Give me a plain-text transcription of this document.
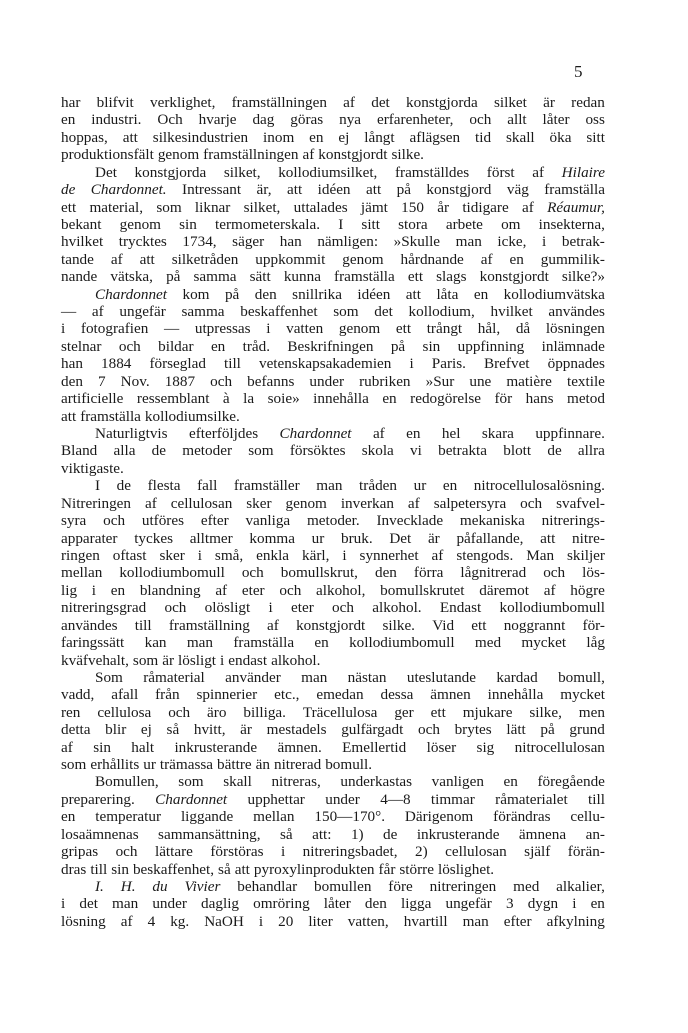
5
har blifvit verklighet, framställningen af det konstgjorda silket är redan
en industri. Och hvarje dag göras nya erfarenheter, och allt låter oss
hoppas, att silkesindustrien inom en ej långt aflägsen tid skall öka sitt
produktionsfält genom framställningen af konstgjordt silke.
Det konstgjorda silket, kollodiumsilket, framställdes först af Hilaire
de Chardonnet. Intressant är, att idéen att på konstgjord väg framställa
ett material, som liknar silket, uttalades jämt 150 år tidigare af Réaumur,
bekant genom sin termometerskala. I sitt stora arbete om insekterna,
hvilket trycktes 1734, säger han nämligen: »Skulle man icke, i betrak-
tande af att silketråden uppkommit genom hårdnande af en gummilik-
nande vätska, på samma sätt kunna framställa ett slags konstgjordt silke?»
Chardonnet kom på den snillrika idéen att låta en kollodiumvätska
— af ungefär samma beskaffenhet som det kollodium, hvilket användes
i fotografien — utpressas i vatten genom ett trångt hål, då lösningen
stelnar och bildar en tråd. Beskrifningen på sin uppfinning inlämnade
han 1884 förseglad till vetenskapsakademien i Paris. Brefvet öppnades
den 7 Nov. 1887 och befanns under rubriken »Sur une matière textile
artificielle ressemblant à la soie» innehålla en redogörelse för hans metod
att framställa kollodiumsilke.
Naturligtvis efterföljdes Chardonnet af en hel skara uppfinnare.
Bland alla de metoder som försöktes skola vi betrakta blott de allra
viktigaste.
I de flesta fall framställer man tråden ur en nitrocellulosalösning.
Nitreringen af cellulosan sker genom inverkan af salpetersyra och svafvel-
syra och utföres efter vanliga metoder. Invecklade mekaniska nitrerings-
apparater tyckes alltmer komma ur bruk. Det är påfallande, att nitre-
ringen oftast sker i små, enkla kärl, i synnerhet af stengods. Man skiljer
mellan kollodiumbomull och bomullskrut, den förra lågnitrerad och lös-
lig i en blandning af eter och alkohol, bomullskrutet däremot af högre
nitreringsgrad och olösligt i eter och alkohol. Endast kollodiumbomull
användes till framställning af konstgjordt silke. Vid ett noggrannt för-
faringssätt kan man framställa en kollodiumbomull med mycket låg
kväfvehalt, som är lösligt i endast alkohol.
Som råmaterial använder man nästan uteslutande kardad bomull,
vadd, afall från spinnerier etc., emedan dessa ämnen innehålla mycket
ren cellulosa och äro billiga. Träcellulosa ger ett mjukare silke, men
detta blir ej så hvitt, är mestadels gulfärgadt och brytes lätt på grund
af sin halt inkrusterande ämnen. Emellertid löser sig nitrocellulosan
som erhållits ur trämassa bättre än nitrerad bomull.
Bomullen, som skall nitreras, underkastas vanligen en föregående
preparering. Chardonnet upphettar under 4—8 timmar råmaterialet till
en temperatur liggande mellan 150—170°. Därigenom förändras cellu-
losaämnenas sammansättning, så att: 1) de inkrusterande ämnena an-
gripas och lättare förstöras i nitreringsbadet, 2) cellulosan själf förän-
dras till sin beskaffenhet, så att pyroxylinprodukten får större löslighet.
I. H. du Vivier behandlar bomullen före nitreringen med alkalier,
i det man under daglig omröring låter den ligga ungefär 3 dygn i en
lösning af 4 kg. NaOH i 20 liter vatten, hvartill man efter afkylning
